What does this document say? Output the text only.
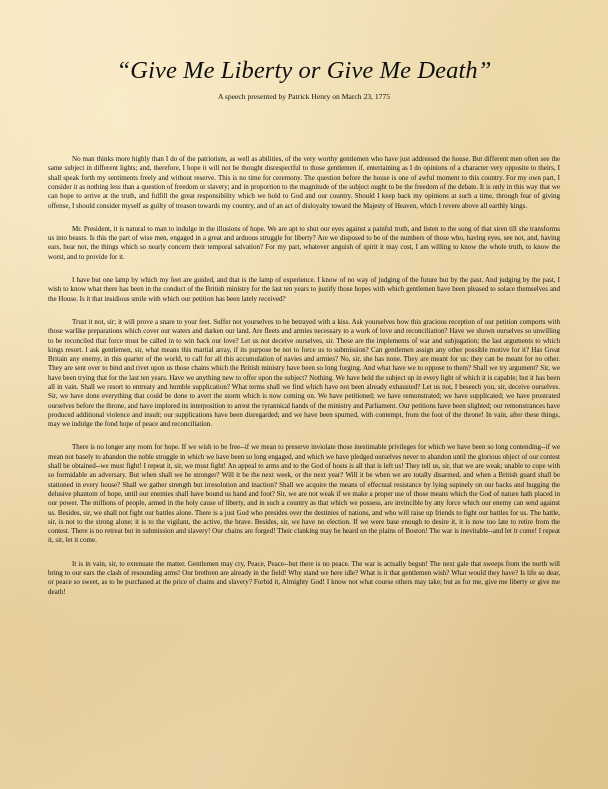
“Give Me Liberty or Give Me Death”

A speech presented by Patrick Henry on March 23, 1775

No man thinks more highly than I do of the patriotism, as well as abilities, of the very worthy gentlemen who have just addressed the house. But different men often see the same subject in different lights; and, therefore, I hope it will not be thought disrespectful to those gentlemen if, entertaining as I do opinions of a character very opposite to theirs, I shall speak forth my sentiments freely and without reserve. This is no time for ceremony. The question before the house is one of awful moment to this country. For my own part, I consider it as nothing less than a question of freedom or slavery; and in proportion to the magnitude of the subject ought to be the freedom of the debate. It is only in this way that we can hope to arrive at the truth, and fulfill the great responsibility which we hold to God and our country. Should I keep back my opinions at such a time, through fear of giving offense, I should consider myself as guilty of treason towards my country, and of an act of disloyalty toward the Majesty of Heaven, which I revere above all earthly kings.

Mr. President, it is natural to man to indulge in the illusions of hope. We are apt to shut our eyes against a painful truth, and listen to the song of that siren till she transforms us into beasts. Is this the part of wise men, engaged in a great and arduous struggle for liberty? Are we disposed to be of the numbers of those who, having eyes, see not, and, having ears, hear not, the things which so nearly concern their temporal salvation? For my part, whatever anguish of spirit it may cost, I am willing to know the whole truth, to know the worst, and to provide for it.

I have but one lamp by which my feet are guided, and that is the lamp of experience. I know of no way of judging of the future but by the past. And judging by the past, I wish to know what there has been in the conduct of the British ministry for the last ten years to justify those hopes with which gentlemen have been pleased to solace themselves and the House. Is it that insidious smile with which our petition has been lately received?

Trust it not, sir; it will prove a snare to your feet. Suffer not yourselves to be betrayed with a kiss. Ask yourselves how this gracious reception of our petition comports with those warlike preparations which cover our waters and darken our land. Are fleets and armies necessary to a work of love and reconciliation? Have we shown ourselves so unwilling to be reconciled that force must be called in to win back our love? Let us not deceive ourselves, sir. These are the implements of war and subjugation; the last arguments to which kings resort. I ask gentlemen, sir, what means this martial array, if its purpose be not to force us to submission? Can gentlemen assign any other possible motive for it? Has Great Britain any enemy, in this quarter of the world, to call for all this accumulation of navies and armies? No, sir, she has none. They are meant for us: they can be meant for no other. They are sent over to bind and rivet upon us those chains which the British ministry have been so long forging. And what have we to oppose to them? Shall we try argument? Sir, we have been trying that for the last ten years. Have we anything new to offer upon the subject? Nothing. We have held the subject up in every light of which it is capable; but it has been all in vain. Shall we resort to entreaty and humble supplication? What terms shall we find which have not been already exhausted? Let us not, I beseech you, sir, deceive ourselves. Sir, we have done everything that could be done to avert the storm which is now coming on. We have petitioned; we have remonstrated; we have supplicated; we have prostrated ourselves before the throne, and have implored its interposition to arrest the tyrannical hands of the ministry and Parliament. Our petitions have been slighted; our remonstrances have produced additional violence and insult; our supplications have been disregarded; and we have been spurned, with contempt, from the foot of the throne! In vain, after these things, may we indulge the fond hope of peace and reconciliation.

There is no longer any room for hope. If we wish to be free--if we mean to preserve inviolate those inestimable privileges for which we have been so long contending--if we mean not basely to abandon the noble struggle in which we have been so long engaged, and which we have pledged ourselves never to abandon until the glorious object of our contest shall be obtained--we must fight! I repeat it, sir, we must fight! An appeal to arms and to the God of hosts is all that is left us! They tell us, sir, that we are weak; unable to cope with so formidable an adversary. But when shall we be stronger? Will it be the next week, or the next year? Will it be when we are totally disarmed, and when a British guard shall be stationed in every house? Shall we gather strength but irresolution and inaction? Shall we acquire the means of effectual resistance by lying supinely on our backs and hugging the delusive phantom of hope, until our enemies shall have bound us hand and foot? Sir, we are not weak if we make a proper use of those means which the God of nature hath placed in our power. The millions of people, armed in the holy cause of liberty, and in such a country as that which we possess, are invincible by any force which our enemy can send against us. Besides, sir, we shall not fight our battles alone. There is a just God who presides over the destinies of nations, and who will raise up friends to fight our battles for us. The battle, sir, is not to the strong alone; it is to the vigilant, the active, the brave. Besides, sir, we have no election. If we were base enough to desire it, it is now too late to retire from the contest. There is no retreat but in submission and slavery! Our chains are forged! Their clanking may be heard on the plains of Boston! The war is inevitable--and let it come! I repeat it, sir, let it come.

It is in vain, sir, to extenuate the matter. Gentlemen may cry, Peace, Peace--but there is no peace. The war is actually begun! The next gale that sweeps from the north will bring to our ears the clash of resounding arms! Our brethren are already in the field! Why stand we here idle? What is it that gentlemen wish? What would they have? Is life so dear, or peace so sweet, as to be purchased at the price of chains and slavery? Forbid it, Almighty God! I know not what course others may take; but as for me, give me liberty or give me death!
